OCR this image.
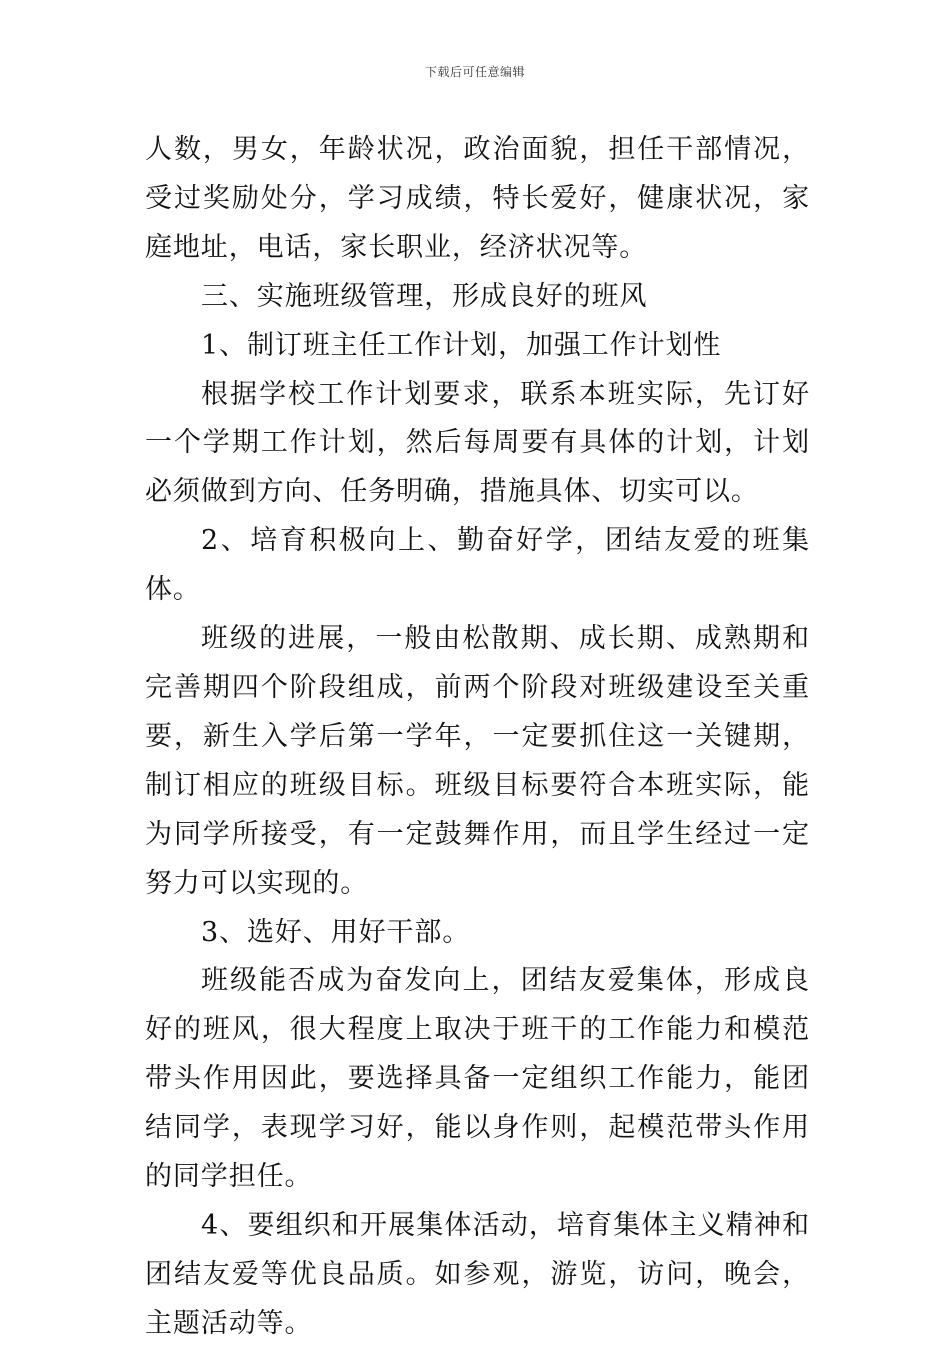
下载后可任意编辑

人数，男女，年龄状况，政治面貌，担任干部情况，受过奖励处分，学习成绩，特长爱好，健康状况，家庭地址，电话，家长职业，经济状况等。

三、实施班级管理，形成良好的班风

1、制订班主任工作计划，加强工作计划性

根据学校工作计划要求，联系本班实际，先订好一个学期工作计划，然后每周要有具体的计划，计划必须做到方向、任务明确，措施具体、切实可以。

2、培育积极向上、勤奋好学，团结友爱的班集体。

班级的进展，一般由松散期、成长期、成熟期和完善期四个阶段组成，前两个阶段对班级建设至关重要，新生入学后第一学年，一定要抓住这一关键期，制订相应的班级目标。班级目标要符合本班实际，能为同学所接受，有一定鼓舞作用，而且学生经过一定努力可以实现的。

3、选好、用好干部。

班级能否成为奋发向上，团结友爱集体，形成良好的班风，很大程度上取决于班干的工作能力和模范带头作用因此，要选择具备一定组织工作能力，能团结同学，表现学习好，能以身作则，起模范带头作用的同学担任。

4、要组织和开展集体活动，培育集体主义精神和团结友爱等优良品质。如参观，游览，访问，晚会，主题活动等。
